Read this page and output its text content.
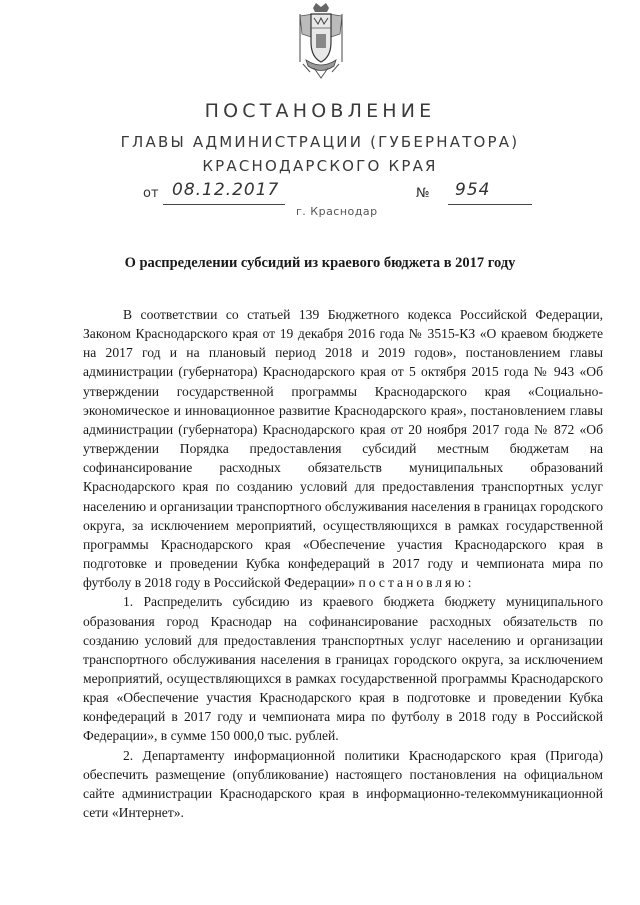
ПОСТАНОВЛЕНИЕ
ГЛАВЫ АДМИНИСТРАЦИИ (ГУБЕРНАТОРА)
КРАСНОДАРСКОГО КРАЯ
от 08.12.2017	№ 954
г. Краснодар
О распределении субсидий из краевого бюджета в 2017 году

В соответствии со статьей 139 Бюджетного кодекса Российской Федерации, Законом Краснодарского края от 19 декабря 2016 года № 3515-КЗ «О краевом бюджете на 2017 год и на плановый период 2018 и 2019 годов», постановлением главы администрации (губернатора) Краснодарского края от 5 октября 2015 года № 943 «Об утверждении государственной программы Краснодарского края «Социально-экономическое и инновационное развитие Краснодарского края», постановлением главы администрации (губернатора) Краснодарского края от 20 ноября 2017 года № 872 «Об утверждении Порядка предоставления субсидий местным бюджетам на софинансирование расходных обязательств муниципальных образований Краснодарского края по созданию условий для предоставления транспортных услуг населению и организации транспортного обслуживания населения в границах городского округа, за исключением мероприятий, осуществляющихся в рамках государственной программы Краснодарского края «Обеспечение участия Краснодарского края в подготовке и проведении Кубка конфедераций в 2017 году и чемпионата мира по футболу в 2018 году в Российской Федерации» постановляю:

1. Распределить субсидию из краевого бюджета бюджету муниципального образования город Краснодар на софинансирование расходных обязательств по созданию условий для предоставления транспортных услуг населению и организации транспортного обслуживания населения в границах городского округа, за исключением мероприятий, осуществляющихся в рамках государственной программы Краснодарского края «Обеспечение участия Краснодарского края в подготовке и проведении Кубка конфедераций в 2017 году и чемпионата мира по футболу в 2018 году в Российской Федерации», в сумме 150 000,0 тыс. рублей.

2. Департаменту информационной политики Краснодарского края (Пригода) обеспечить размещение (опубликование) настоящего постановления на официальном сайте администрации Краснодарского края в информационно-телекоммуникационной сети «Интернет».
